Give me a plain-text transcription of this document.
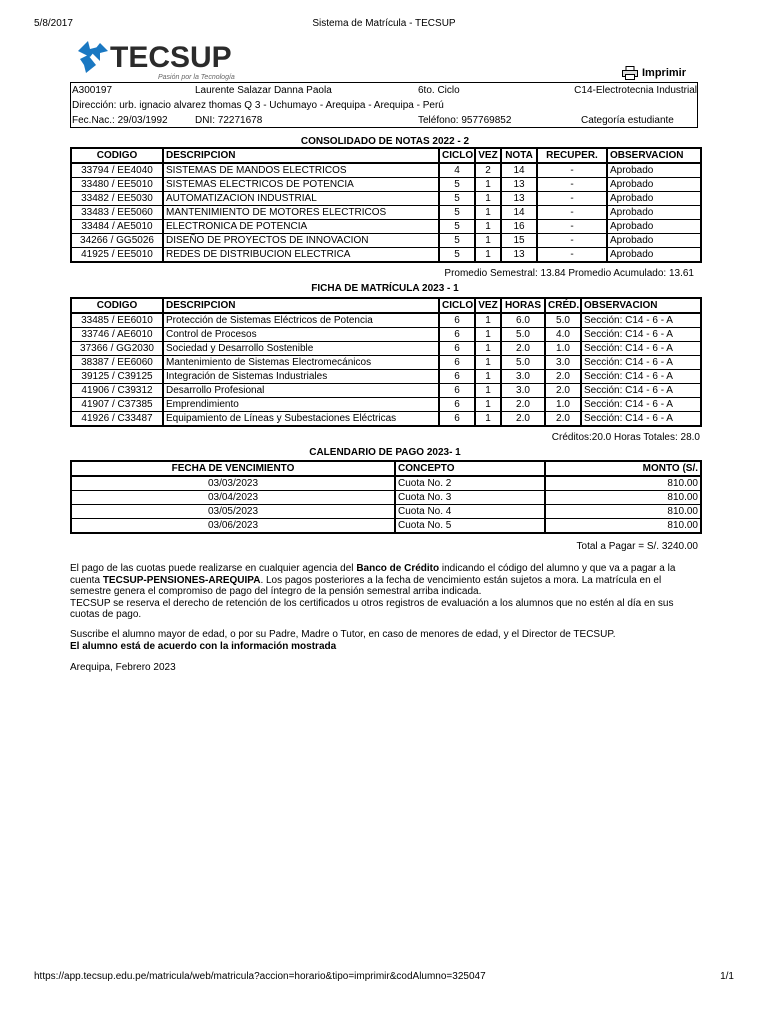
5/8/2017	Sistema de Matrícula - TECSUP
TECSUP
Pasión por la Tecnología	Imprimir
A300197	Laurente Salazar Danna Paola	6to. Ciclo	C14-Electrotecnia Industrial
Dirección: urb. ignacio alvarez thomas Q 3 - Uchumayo - Arequipa - Arequipa - Perú
Fec.Nac.: 29/03/1992	DNI: 72271678	Teléfono: 957769852	Categoría estudiante
CONSOLIDADO DE NOTAS 2022 - 2
CODIGO	DESCRIPCION	CICLO	VEZ	NOTA	RECUPER.	OBSERVACION
33794 / EE4040	SISTEMAS DE MANDOS ELECTRICOS	4	2	14	-	Aprobado
33480 / EE5010	SISTEMAS ELECTRICOS DE POTENCIA	5	1	13	-	Aprobado
33482 / EE5030	AUTOMATIZACION INDUSTRIAL	5	1	13	-	Aprobado
33483 / EE5060	MANTENIMIENTO DE MOTORES ELECTRICOS	5	1	14	-	Aprobado
33484 / AE5010	ELECTRONICA DE POTENCIA	5	1	16	-	Aprobado
34266 / GG5026	DISEÑO DE PROYECTOS DE INNOVACION	5	1	15	-	Aprobado
41925 / EE5010	REDES DE DISTRIBUCION ELECTRICA	5	1	13	-	Aprobado
Promedio Semestral: 13.84 Promedio Acumulado: 13.61
FICHA DE MATRÍCULA 2023 - 1
CODIGO	DESCRIPCION	CICLO	VEZ	HORAS	CRÉD.	OBSERVACION
33485 / EE6010	Protección de Sistemas Eléctricos de Potencia	6	1	6.0	5.0	Sección: C14 - 6 - A
33746 / AE6010	Control de Procesos	6	1	5.0	4.0	Sección: C14 - 6 - A
37366 / GG2030	Sociedad y Desarrollo Sostenible	6	1	2.0	1.0	Sección: C14 - 6 - A
38387 / EE6060	Mantenimiento de Sistemas Electromecánicos	6	1	5.0	3.0	Sección: C14 - 6 - A
39125 / C39125	Integración de Sistemas Industriales	6	1	3.0	2.0	Sección: C14 - 6 - A
41906 / C39312	Desarrollo Profesional	6	1	3.0	2.0	Sección: C14 - 6 - A
41907 / C37385	Emprendimiento	6	1	2.0	1.0	Sección: C14 - 6 - A
41926 / C33487	Equipamiento de Líneas y Subestaciones Eléctricas	6	1	2.0	2.0	Sección: C14 - 6 - A
Créditos:20.0 Horas Totales: 28.0
CALENDARIO DE PAGO 2023- 1
FECHA DE VENCIMIENTO	CONCEPTO	MONTO (S/.
03/03/2023	Cuota No. 2	810.00
03/04/2023	Cuota No. 3	810.00
03/05/2023	Cuota No. 4	810.00
03/06/2023	Cuota No. 5	810.00
Total a Pagar = S/. 3240.00
El pago de las cuotas puede realizarse en cualquier agencia del Banco de Crédito indicando el código del alumno y que va a pagar a la cuenta TECSUP-PENSIONES-AREQUIPA. Los pagos posteriores a la fecha de vencimiento están sujetos a mora. La matrícula en el semestre genera el compromiso de pago del íntegro de la pensión semestral arriba indicada.
TECSUP se reserva el derecho de retención de los certificados u otros registros de evaluación a los alumnos que no estén al día en sus cuotas de pago.
Suscribe el alumno mayor de edad, o por su Padre, Madre o Tutor, en caso de menores de edad, y el Director de TECSUP.
El alumno está de acuerdo con la información mostrada
Arequipa, Febrero 2023
https://app.tecsup.edu.pe/matricula/web/matricula?accion=horario&tipo=imprimir&codAlumno=325047	1/1
